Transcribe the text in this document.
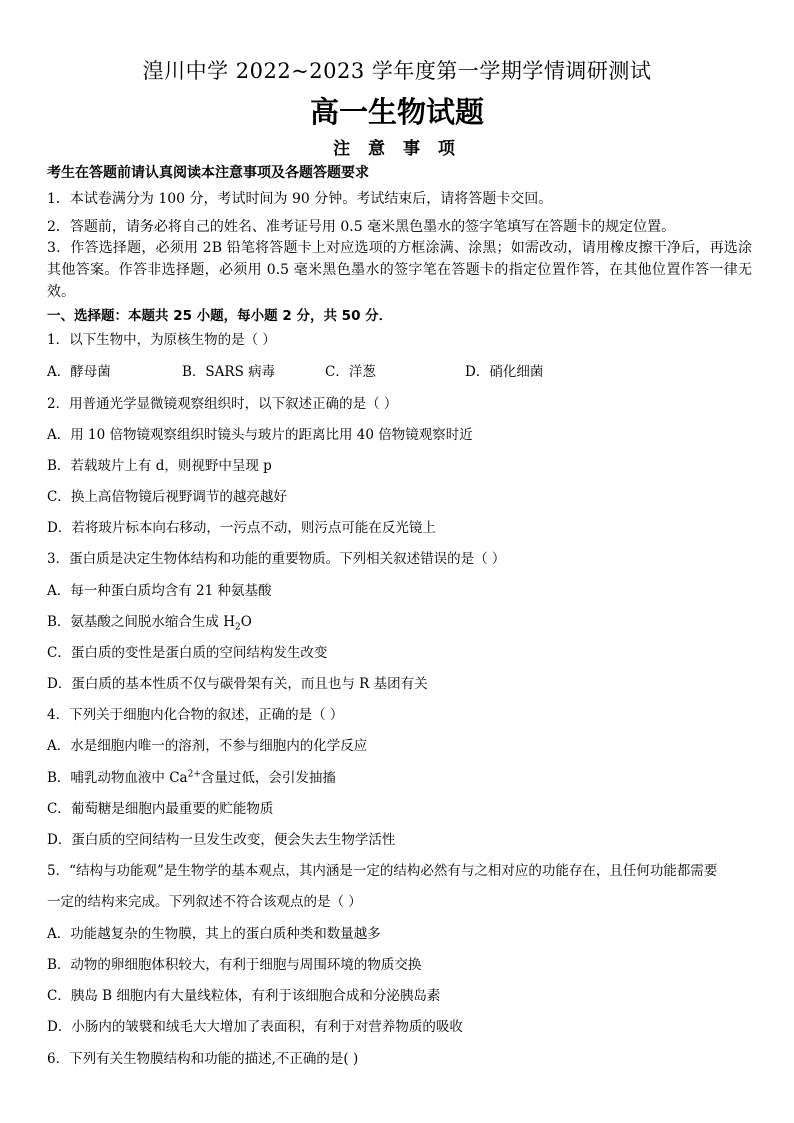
湟川中学 2022~2023 学年度第一学期学情调研测试
高一生物试题
注 意 事 项
考生在答题前请认真阅读本注意事项及各题答题要求
1．本试卷满分为 100 分，考试时间为 90 分钟。考试结束后，请将答题卡交回。
2．答题前，请务必将自己的姓名、准考证号用 0.5 毫米黑色墨水的签字笔填写在答题卡的规定位置。
3．作答选择题，必须用 2B 铅笔将答题卡上对应选项的方框涂满、涂黑；如需改动，请用橡皮擦干净后，再选涂其他答案。作答非选择题，必须用 0.5 毫米黑色墨水的签字笔在答题卡的指定位置作答，在其他位置作答一律无效。
一、选择题：本题共 25 小题，每小题 2 分，共 50 分．
1．以下生物中，为原核生物的是（ ）
A．酵母菌	B．SARS 病毒	C．洋葱	D．硝化细菌
2．用普通光学显微镜观察组织时，以下叙述正确的是（ ）
A．用 10 倍物镜观察组织时镜头与玻片的距离比用 40 倍物镜观察时近
B．若载玻片上有 d，则视野中呈现 p
C．换上高倍物镜后视野调节的越亮越好
D．若将玻片标本向右移动，一污点不动，则污点可能在反光镜上
3．蛋白质是决定生物体结构和功能的重要物质。下列相关叙述错误的是（ ）
A．每一种蛋白质均含有 21 种氨基酸
B．氨基酸之间脱水缩合生成 $H_2O$
C．蛋白质的变性是蛋白质的空间结构发生改变
D．蛋白质的基本性质不仅与碳骨架有关，而且也与 R 基团有关
4．下列关于细胞内化合物的叙述，正确的是（ ）
A．水是细胞内唯一的溶剂，不参与细胞内的化学反应
B．哺乳动物血液中 $Ca^{2+}$含量过低，会引发抽搐
C．葡萄糖是细胞内最重要的贮能物质
D．蛋白质的空间结构一旦发生改变，便会失去生物学活性
5．“结构与功能观”是生物学的基本观点，其内涵是一定的结构必然有与之相对应的功能存在，且任何功能都需要
一定的结构来完成。下列叙述不符合该观点的是（ ）
A．功能越复杂的生物膜，其上的蛋白质种类和数量越多
B．动物的卵细胞体积较大，有利于细胞与周围环境的物质交换
C．胰岛 B 细胞内有大量线粒体，有利于该细胞合成和分泌胰岛素
D．小肠内的皱襞和绒毛大大增加了表面积，有利于对营养物质的吸收
6．下列有关生物膜结构和功能的描述,不正确的是( )
